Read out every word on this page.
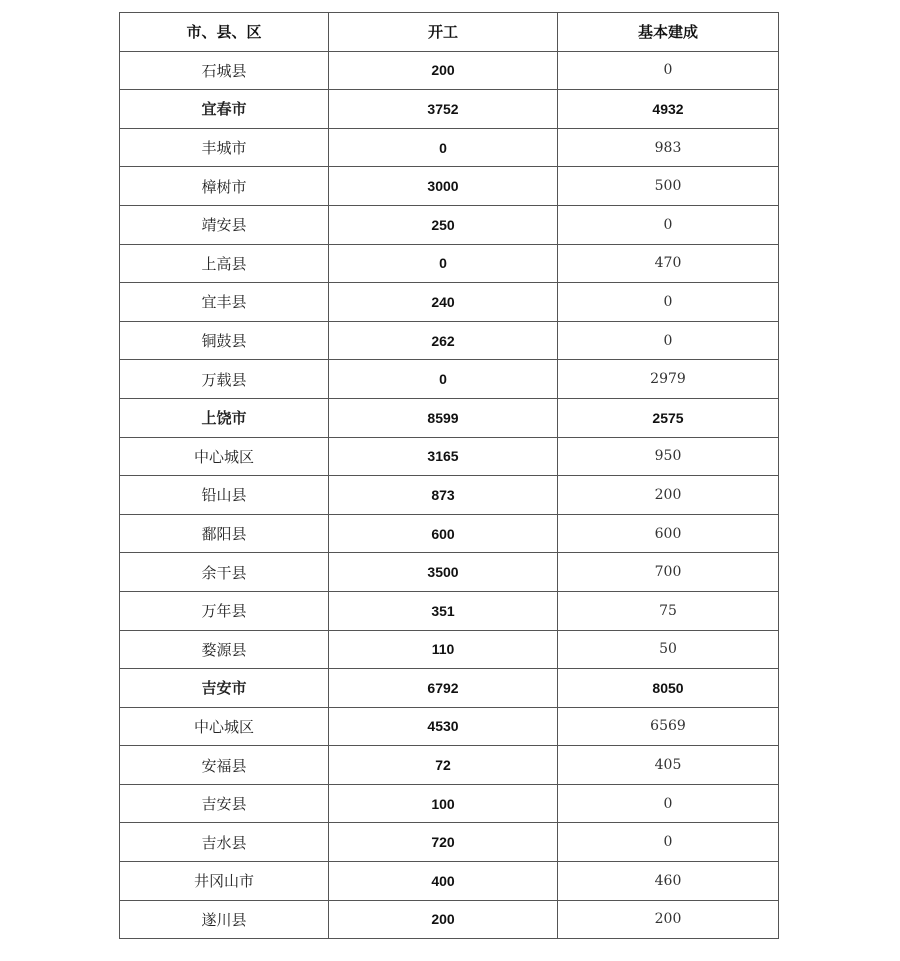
市、县、区	开工	基本建成
石城县	200	0
宜春市	3752	4932
丰城市	0	983
樟树市	3000	500
靖安县	250	0
上高县	0	470
宜丰县	240	0
铜鼓县	262	0
万载县	0	2979
上饶市	8599	2575
中心城区	3165	950
铅山县	873	200
鄱阳县	600	600
余干县	3500	700
万年县	351	75
婺源县	110	50
吉安市	6792	8050
中心城区	4530	6569
安福县	72	405
吉安县	100	0
吉水县	720	0
井冈山市	400	460
遂川县	200	200
